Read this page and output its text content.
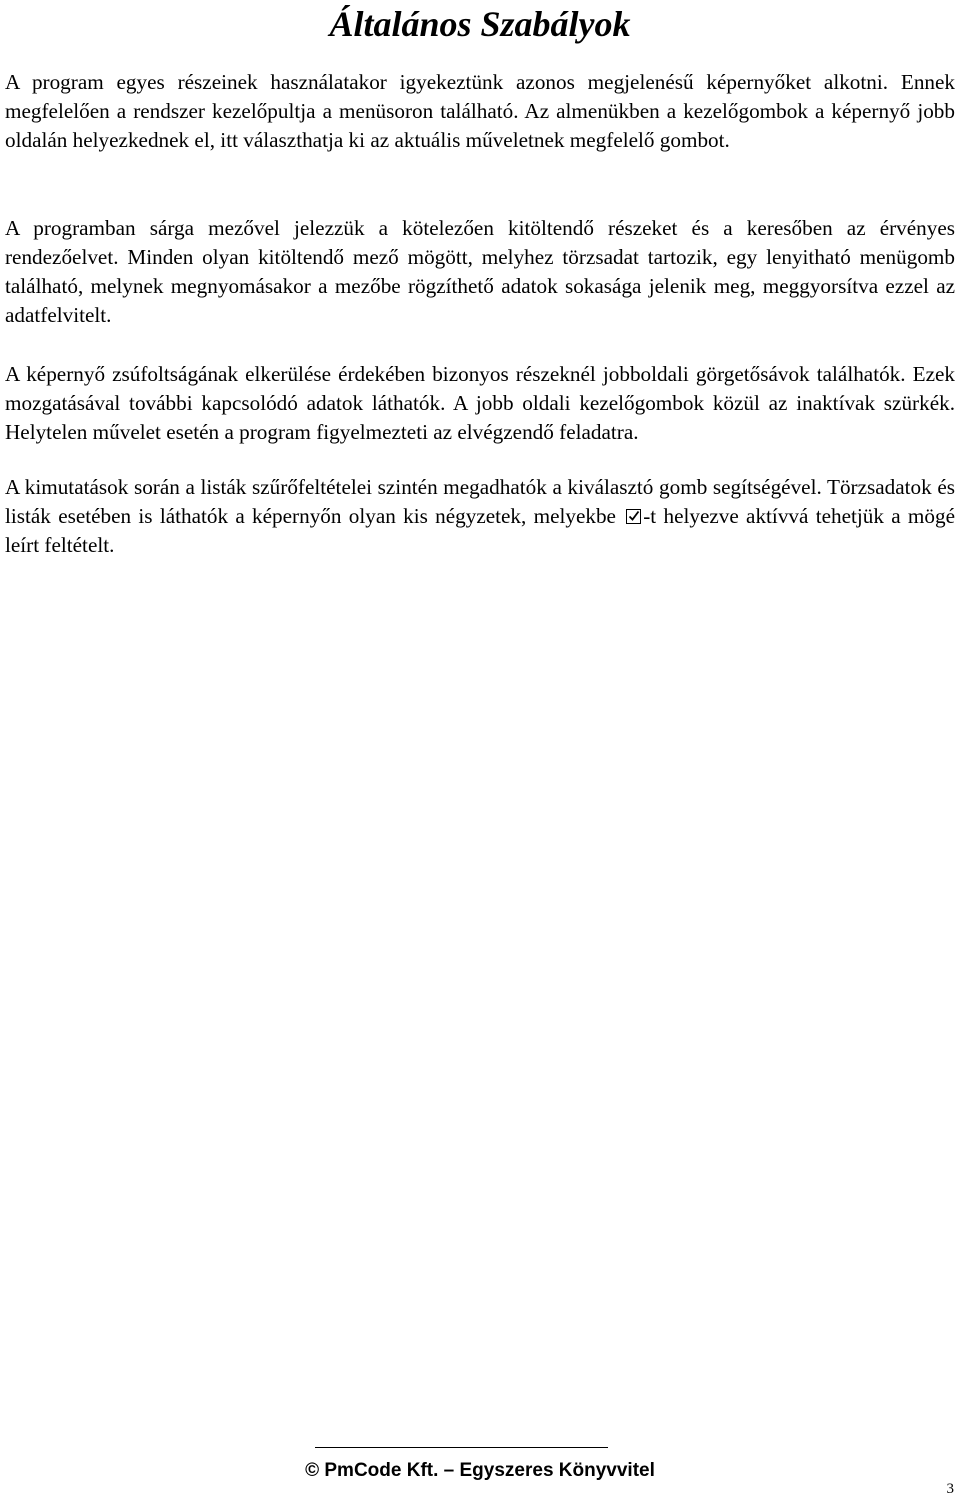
Általános Szabályok

A program egyes részeinek használatakor igyekeztünk azonos megjelenésű képernyőket alkotni. Ennek megfelelően a rendszer kezelőpultja a menüsoron található. Az almenükben a kezelőgombok a képernyő jobb oldalán helyezkednek el, itt választhatja ki az aktuális műveletnek megfelelő gombot.

A programban sárga mezővel jelezzük a kötelezően kitöltendő részeket és a keresőben az érvényes rendezőelvet. Minden olyan kitöltendő mező mögött, melyhez törzsadat tartozik, egy lenyitható menügomb található, melynek megnyomásakor a mezőbe rögzíthető adatok sokasága jelenik meg, meggyorsítva ezzel az adatfelvitelt.

A képernyő zsúfoltságának elkerülése érdekében bizonyos részeknél jobboldali görgetősávok találhatók. Ezek mozgatásával további kapcsolódó adatok láthatók. A jobb oldali kezelőgombok közül az inaktívak szürkék. Helytelen művelet esetén a program figyelmezteti az elvégzendő feladatra.

A kimutatások során a listák szűrőfeltételei szintén megadhatók a kiválasztó gomb segítségével. Törzsadatok és listák esetében is láthatók a képernyőn olyan kis négyzetek, melyekbe -t helyezve aktívvá tehetjük a mögé leírt feltételt.

© PmCode Kft. – Egyszeres Könyvvitel
3
